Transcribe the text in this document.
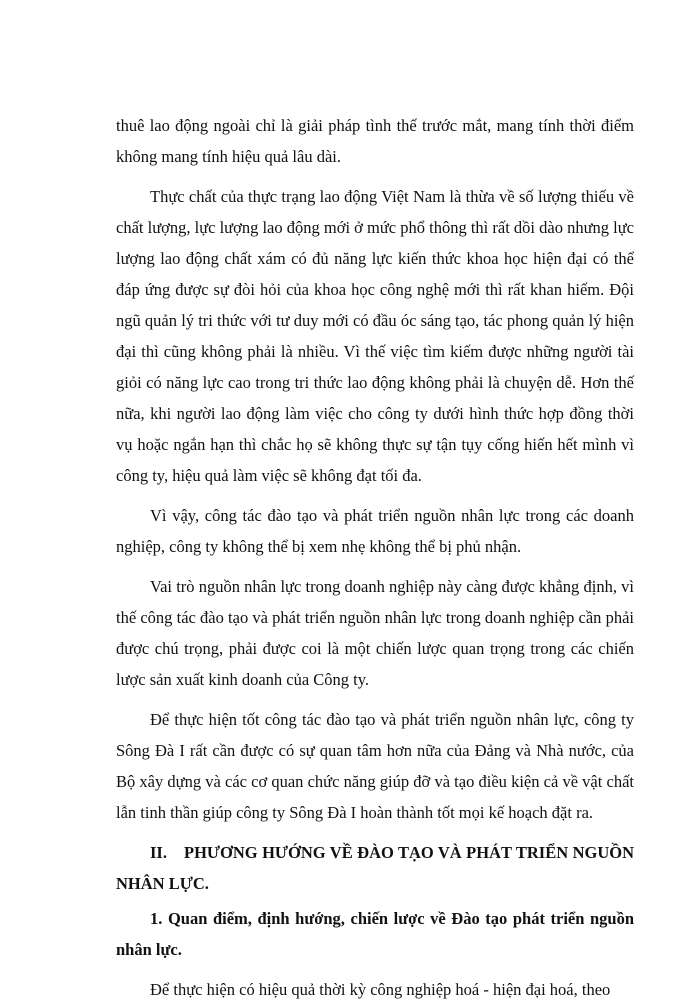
thuê lao động ngoài chỉ là giải pháp tình thế trước mắt, mang tính thời điểm không mang tính hiệu quả lâu dài.

Thực chất của thực trạng lao động Việt Nam là thừa về số lượng thiếu về chất lượng, lực lượng lao động mới ở mức phổ thông thì rất dồi dào nhưng lực lượng lao động chất xám có đủ năng lực kiến thức khoa học hiện đại có thể đáp ứng được sự đòi hỏi của khoa học công nghệ mới thì rất khan hiếm. Đội ngũ quản lý tri thức với tư duy mới có đầu óc sáng tạo, tác phong quản lý hiện đại thì cũng không phải là nhiều. Vì thế việc tìm kiếm được những người tài giỏi có năng lực cao trong tri thức lao động không phải là chuyện dễ. Hơn thế nữa, khi người lao động làm việc cho công ty dưới hình thức hợp đồng thời vụ hoặc ngắn hạn thì chắc họ sẽ không thực sự tận tụy cống hiến hết mình vì công ty, hiệu quả làm việc sẽ không đạt tối đa.

Vì vậy, công tác đào tạo và phát triển nguồn nhân lực trong các doanh nghiệp, công ty không thể bị xem nhẹ không thể bị phủ nhận.

Vai trò nguồn nhân lực trong doanh nghiệp này càng được khẳng định, vì thế công tác đào tạo và phát triển nguồn nhân lực trong doanh nghiệp cần phải được chú trọng, phải được coi là một chiến lược quan trọng trong các chiến lược sản xuất kinh doanh của Công ty.

Để thực hiện tốt công tác đào tạo và phát triển nguồn nhân lực, công ty Sông Đà I rất cần được có sự quan tâm hơn nữa của Đảng và Nhà nước, của Bộ xây dựng và các cơ quan chức năng giúp đỡ và tạo điều kiện cả về vật chất lẫn tinh thần giúp công ty Sông Đà I hoàn thành tốt mọi kế hoạch đặt ra.

II. PHƯƠNG HƯỚNG VỀ ĐÀO TẠO VÀ PHÁT TRIỂN NGUỒN NHÂN LỰC.

1. Quan điểm, định hướng, chiến lược về Đào tạo phát triển nguồn nhân lực.

Để thực hiện có hiệu quả thời kỳ công nghiệp hoá - hiện đại hoá, theo
